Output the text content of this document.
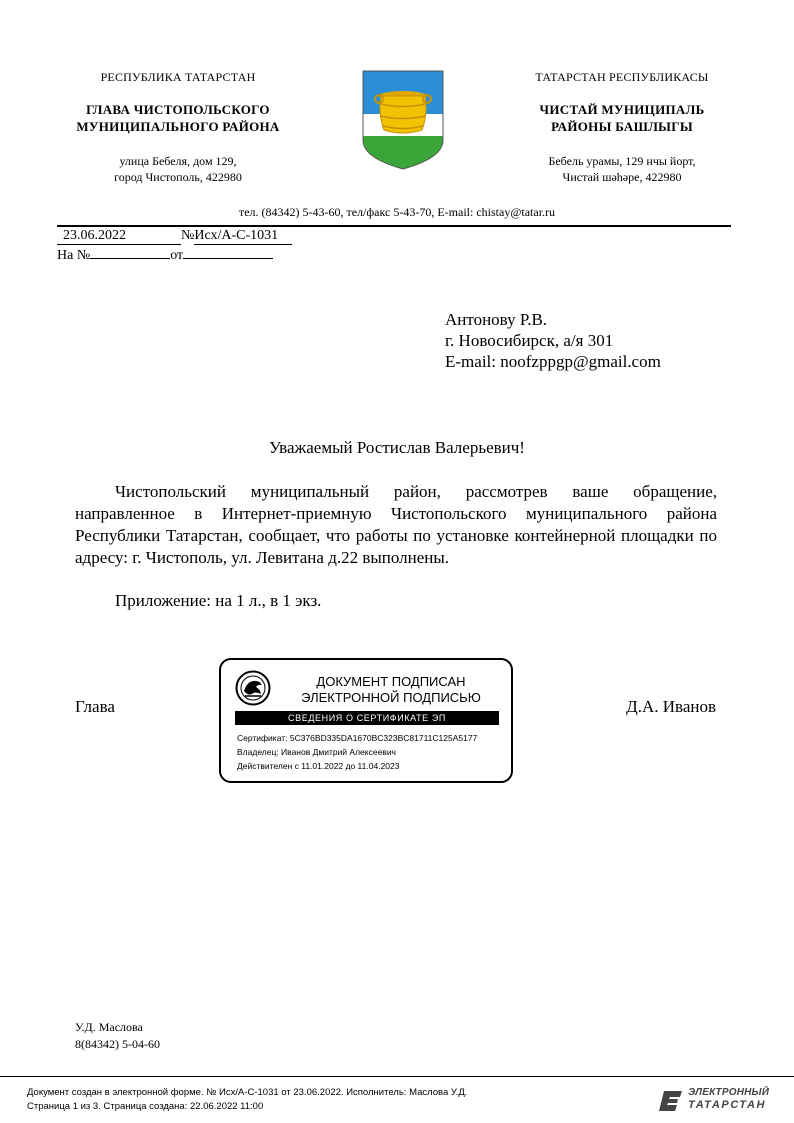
РЕСПУБЛИКА ТАТАРСТАН
ГЛАВА ЧИСТОПОЛЬСКОГО
МУНИЦИПАЛЬНОГО РАЙОНА
улица Бебеля, дом 129,
город Чистополь, 422980
ТАТАРСТАН РЕСПУБЛИКАСЫ
ЧИСТАЙ МУНИЦИПАЛЬ
РАЙОНЫ БАШЛЫГЫ
Бебель урамы, 129 нчы йорт,
Чистай шәһәре, 422980
тел. (84342) 5-43-60, тел/факс 5-43-70, E-mail: chistay@tatar.ru
23.06.2022	№Исх/А-С-1031
На №	от
Антонову Р.В.
г. Новосибирск, а/я 301
E-mail: noofzppgp@gmail.com
Уважаемый Ростислав Валерьевич!
Чистопольский муниципальный район, рассмотрев ваше обращение, направленное в Интернет-приемную Чистопольского муниципального района Республики Татарстан, сообщает, что работы по установке контейнерной площадки по адресу: г. Чистополь, ул. Левитана д.22 выполнены.
Приложение: на 1 л., в 1 экз.
Глава	Д.А. Иванов
ДОКУМЕНТ ПОДПИСАН
ЭЛЕКТРОННОЙ ПОДПИСЬЮ
СВЕДЕНИЯ О СЕРТИФИКАТЕ ЭП
Сертификат: 5C376BD335DA1670BC323BC81711C125A5177
Владелец: Иванов Дмитрий Алексеевич
Действителен с 11.01.2022 до 11.04.2023
У.Д. Маслова
8(84342) 5-04-60
Документ создан в электронной форме. № Исх/А-С-1031 от 23.06.2022. Исполнитель: Маслова У.Д.
Страница 1 из 3. Страница создана: 22.06.2022 11:00
ЭЛЕКТРОННЫЙ
ТАТАРСТАН
